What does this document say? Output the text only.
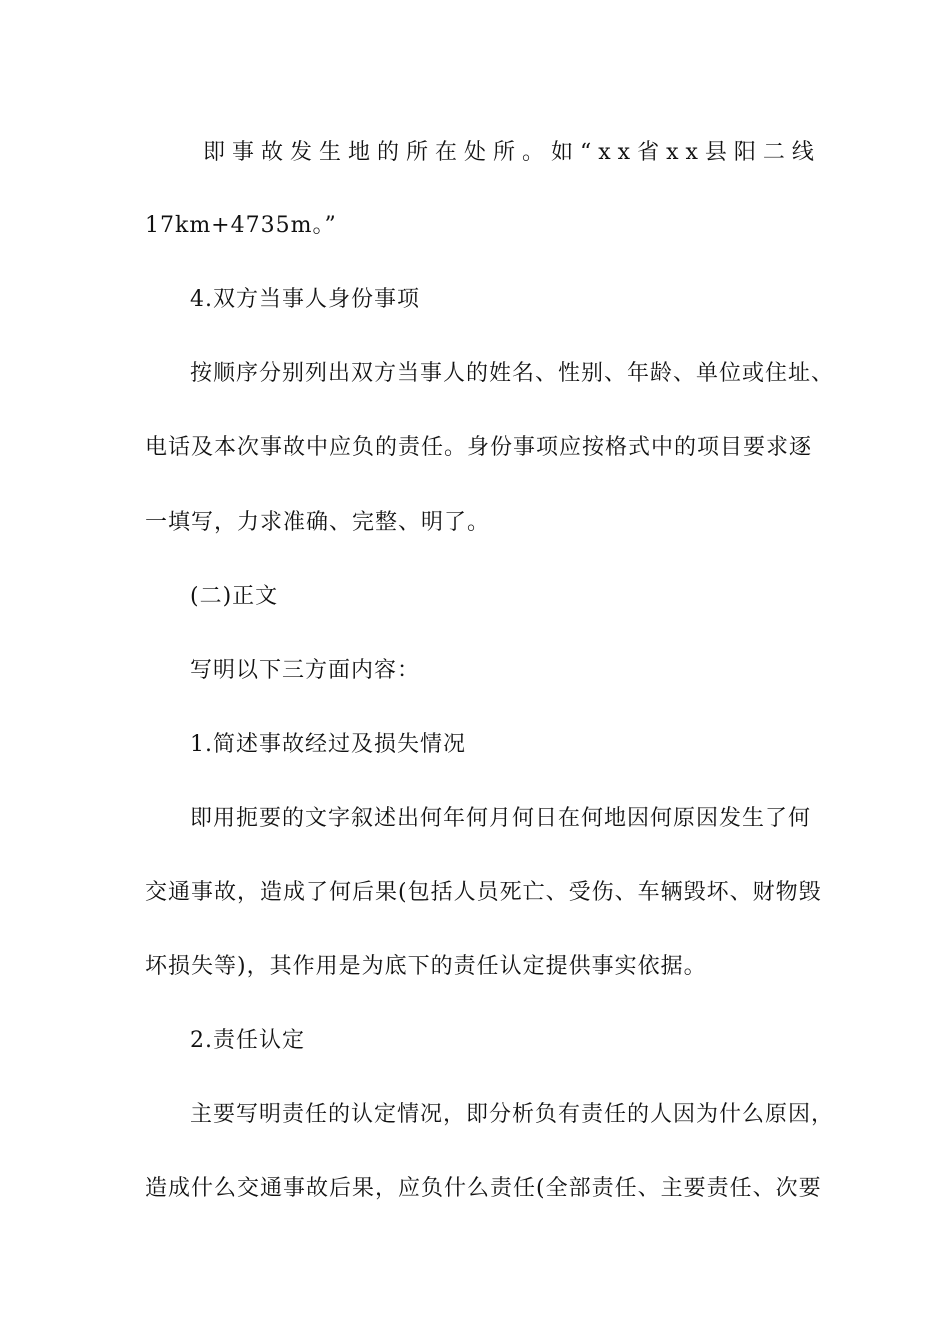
即事故发生地的所在处所。如“xx省xx县阳二线
17km+4735m。”
4.双方当事人身份事项
按顺序分别列出双方当事人的姓名、性别、年龄、单位或住址、
电话及本次事故中应负的责任。身份事项应按格式中的项目要求逐
一填写，力求准确、完整、明了。
(二)正文
写明以下三方面内容：
1.简述事故经过及损失情况
即用扼要的文字叙述出何年何月何日在何地因何原因发生了何
交通事故，造成了何后果(包括人员死亡、受伤、车辆毁坏、财物毁
坏损失等)，其作用是为底下的责任认定提供事实依据。
2.责任认定
主要写明责任的认定情况，即分析负有责任的人因为什么原因，
造成什么交通事故后果，应负什么责任(全部责任、主要责任、次要
